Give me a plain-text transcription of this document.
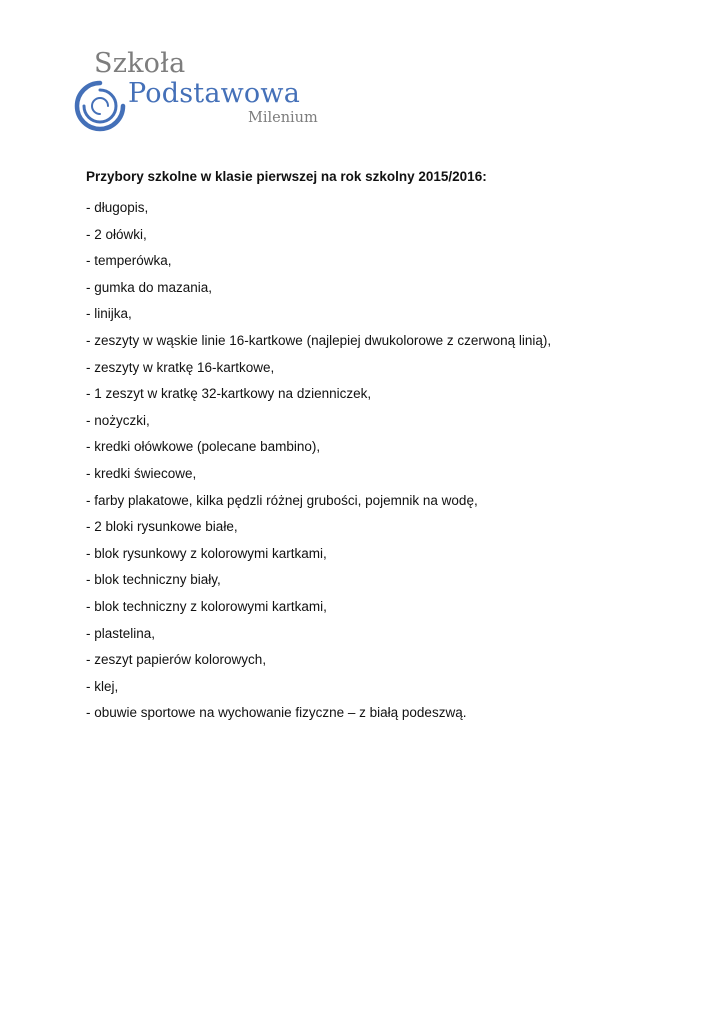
Szkoła
Podstawowa
Milenium
Przybory szkolne w klasie pierwszej na rok szkolny 2015/2016:
- długopis,
- 2 ołówki,
- temperówka,
- gumka do mazania,
- linijka,
- zeszyty w wąskie linie 16-kartkowe (najlepiej dwukolorowe z czerwoną linią),
- zeszyty w kratkę 16-kartkowe,
- 1 zeszyt w kratkę 32-kartkowy na dzienniczek,
- nożyczki,
- kredki ołówkowe (polecane bambino),
- kredki świecowe,
- farby plakatowe, kilka pędzli różnej grubości, pojemnik na wodę,
- 2 bloki rysunkowe białe,
- blok rysunkowy z kolorowymi kartkami,
- blok techniczny biały,
- blok techniczny z kolorowymi kartkami,
- plastelina,
- zeszyt papierów kolorowych,
- klej,
- obuwie sportowe na wychowanie fizyczne – z białą podeszwą.
